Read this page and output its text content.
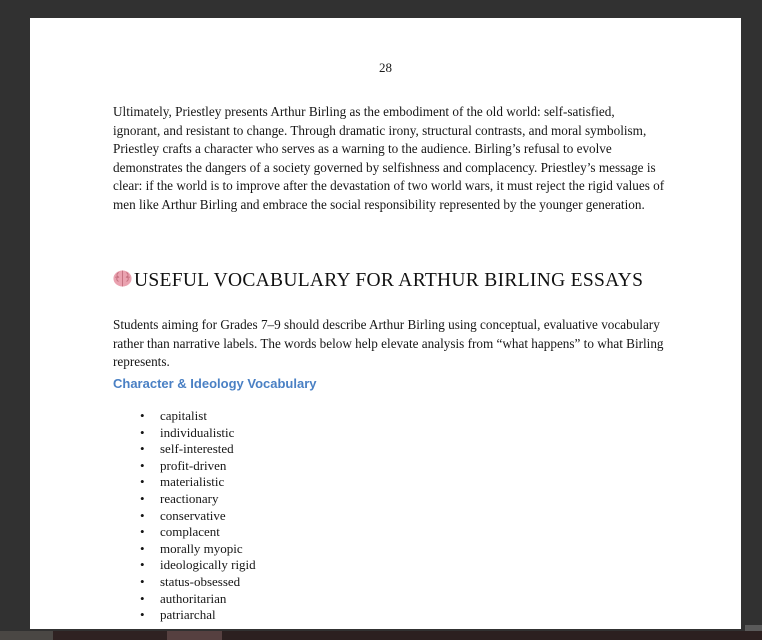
28
Ultimately, Priestley presents Arthur Birling as the embodiment of the old world: self-satisfied, ignorant, and resistant to change. Through dramatic irony, structural contrasts, and moral symbolism, Priestley crafts a character who serves as a warning to the audience. Birling’s refusal to evolve demonstrates the dangers of a society governed by selfishness and complacency. Priestley’s message is clear: if the world is to improve after the devastation of two world wars, it must reject the rigid values of men like Arthur Birling and embrace the social responsibility represented by the younger generation.
USEFUL VOCABULARY FOR ARTHUR BIRLING ESSAYS
Students aiming for Grades 7–9 should describe Arthur Birling using conceptual, evaluative vocabulary rather than narrative labels. The words below help elevate analysis from “what happens” to what Birling represents.
Character & Ideology Vocabulary
• capitalist
• individualistic
• self-interested
• profit-driven
• materialistic
• reactionary
• conservative
• complacent
• morally myopic
• ideologically rigid
• status-obsessed
• authoritarian
• patriarchal
